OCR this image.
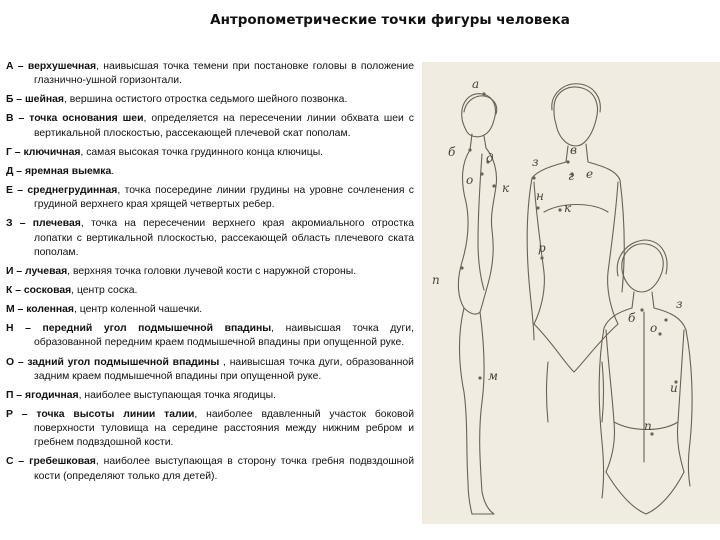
Антропометрические точки фигуры человека
А – верхушечная, наивысшая точка темени при постановке головы в положение глазнично-ушной горизонтали.
Б – шейная, вершина остистого отростка седьмого шейного позвонка.
В – точка основания шеи, определяется на пересечении линии обхвата шеи с вертикальной плоскостью, рассекающей плечевой скат пополам.
Г – ключичная, самая высокая точка грудинного конца ключицы.
Д – яремная выемка.
Е – среднегрудинная, точка посередине линии грудины на уровне сочленения с грудиной верхнего края хрящей четвертых ребер.
З – плечевая, точка на пересечении верхнего края акромиального отростка лопатки с вертикальной плоскостью, рассекающей область плечевого ската пополам.
И – лучевая, верхняя точка головки лучевой кости с наружной стороны.
К – сосковая, центр соска.
М – коленная, центр коленной чашечки.
Н – передний угол подмышечной впадины, наивысшая точка дуги, образованной передним краем подмышечной впадины при опущенной руке.
О – задний угол подмышечной впадины , наивысшая точка дуги, образованной задним краем подмышечной впадины при опущенной руке.
П – ягодичная, наиболее выступающая точка ягодицы.
Р – точка высоты линии талии, наиболее вдавленный участок боковой поверхности туловища на середине расстояния между нижним ребром и гребнем подвздошной кости.
С – гребешковая, наиболее выступающая в сторону точка гребня подвздошной кости (определяют только для детей).
а
б	д
о
к
п
м
з
в
г е
н
к
р
б
з
о
и
п
